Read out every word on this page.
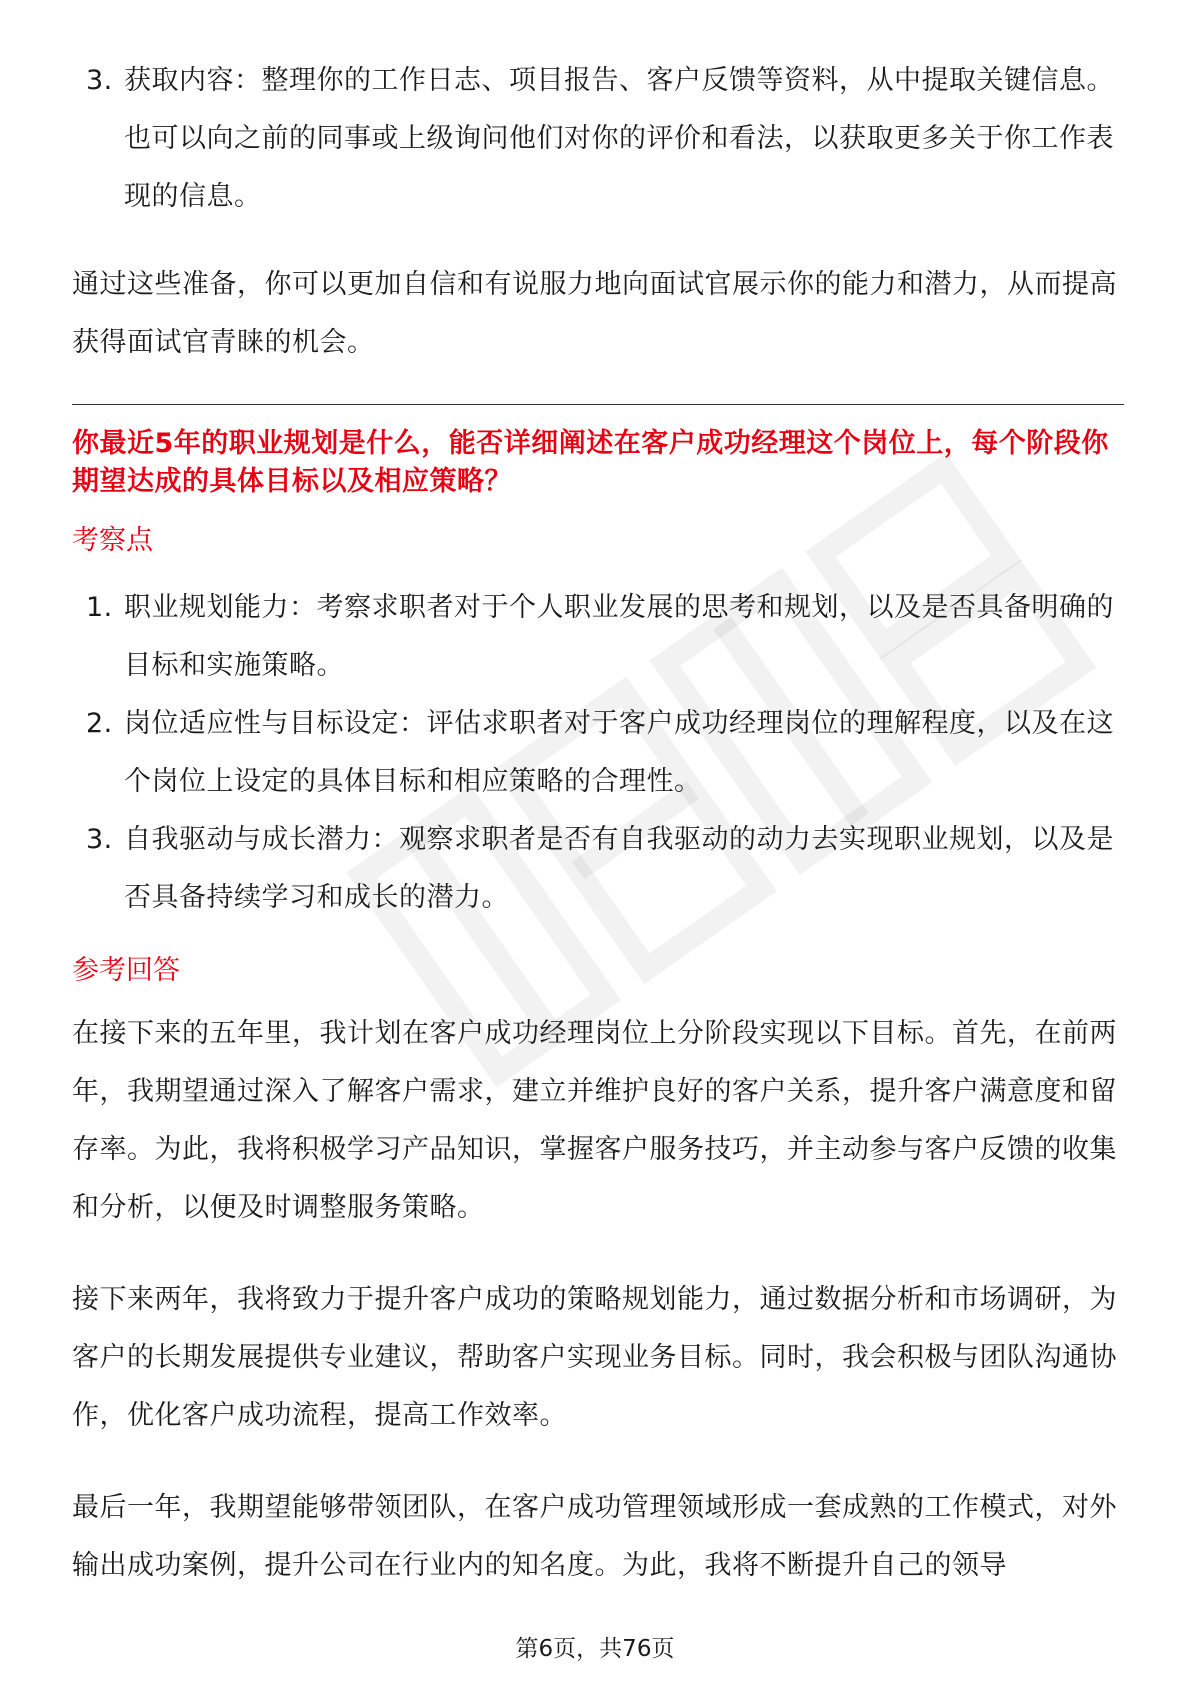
3. 获取内容：整理你的工作日志、项目报告、客户反馈等资料，从中提取关键信息。也可以向之前的同事或上级询问他们对你的评价和看法，以获取更多关于你工作表现的信息。

通过这些准备，你可以更加自信和有说服力地向面试官展示你的能力和潜力，从而提高获得面试官青睐的机会。

你最近5年的职业规划是什么，能否详细阐述在客户成功经理这个岗位上，每个阶段你期望达成的具体目标以及相应策略？

考察点
1. 职业规划能力：考察求职者对于个人职业发展的思考和规划，以及是否具备明确的目标和实施策略。
2. 岗位适应性与目标设定：评估求职者对于客户成功经理岗位的理解程度，以及在这个岗位上设定的具体目标和相应策略的合理性。
3. 自我驱动与成长潜力：观察求职者是否有自我驱动的动力去实现职业规划，以及是否具备持续学习和成长的潜力。
参考回答

在接下来的五年里，我计划在客户成功经理岗位上分阶段实现以下目标。首先，在前两年，我期望通过深入了解客户需求，建立并维护良好的客户关系，提升客户满意度和留存率。为此，我将积极学习产品知识，掌握客户服务技巧，并主动参与客户反馈的收集和分析，以便及时调整服务策略。

接下来两年，我将致力于提升客户成功的策略规划能力，通过数据分析和市场调研，为客户的长期发展提供专业建议，帮助客户实现业务目标。同时，我会积极与团队沟通协作，优化客户成功流程，提高工作效率。

最后一年，我期望能够带领团队，在客户成功管理领域形成一套成熟的工作模式，对外输出成功案例，提升公司在行业内的知名度。为此，我将不断提升自己的领导

第6页，共76页
